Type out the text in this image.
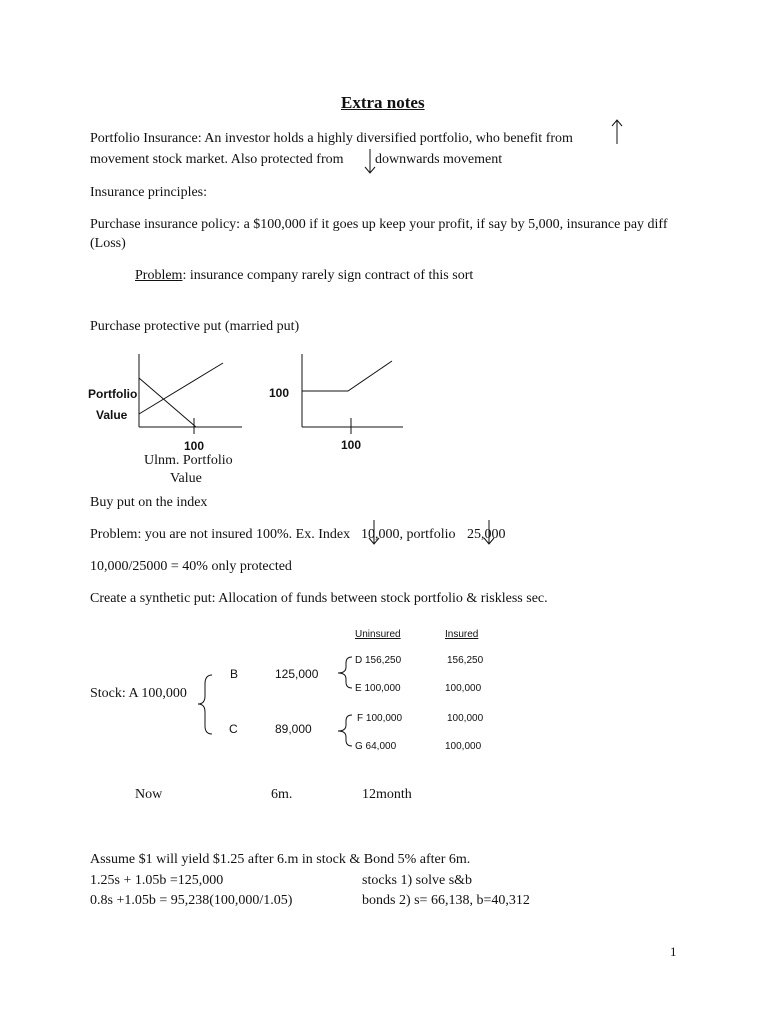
Extra notes
Portfolio Insurance: An investor holds a highly diversified portfolio, who benefit from
movement stock market. Also protected from downwards movement
Insurance principles:
Purchase insurance policy: a $100,000 if it goes up keep your profit, if say by 5,000, insurance pay diff
(Loss)
Problem: insurance company rarely sign contract of this sort
Purchase protective put (married put)
Portfolio
Value
100
Ulnm. Portfolio
Value
100
100
Buy put on the index
Problem: you are not insured 100%. Ex. Index 10,000, portfolio 25,000
10,000/25000 = 40% only protected
Create a synthetic put: Allocation of funds between stock portfolio & riskless sec.
Uninsured	Insured
Stock: A 100,000
B
C
125,000
89,000
D 156,250	156,250
E 100,000	100,000
F 100,000	100,000
G 64,000	100,000
Now	6m.	12month
Assume $1 will yield $1.25 after 6.m in stock & Bond 5% after 6m.
1.25s + 1.05b =125,000	stocks 1) solve s&b
0.8s +1.05b = 95,238(100,000/1.05)	bonds 2) s= 66,138, b=40,312
1
